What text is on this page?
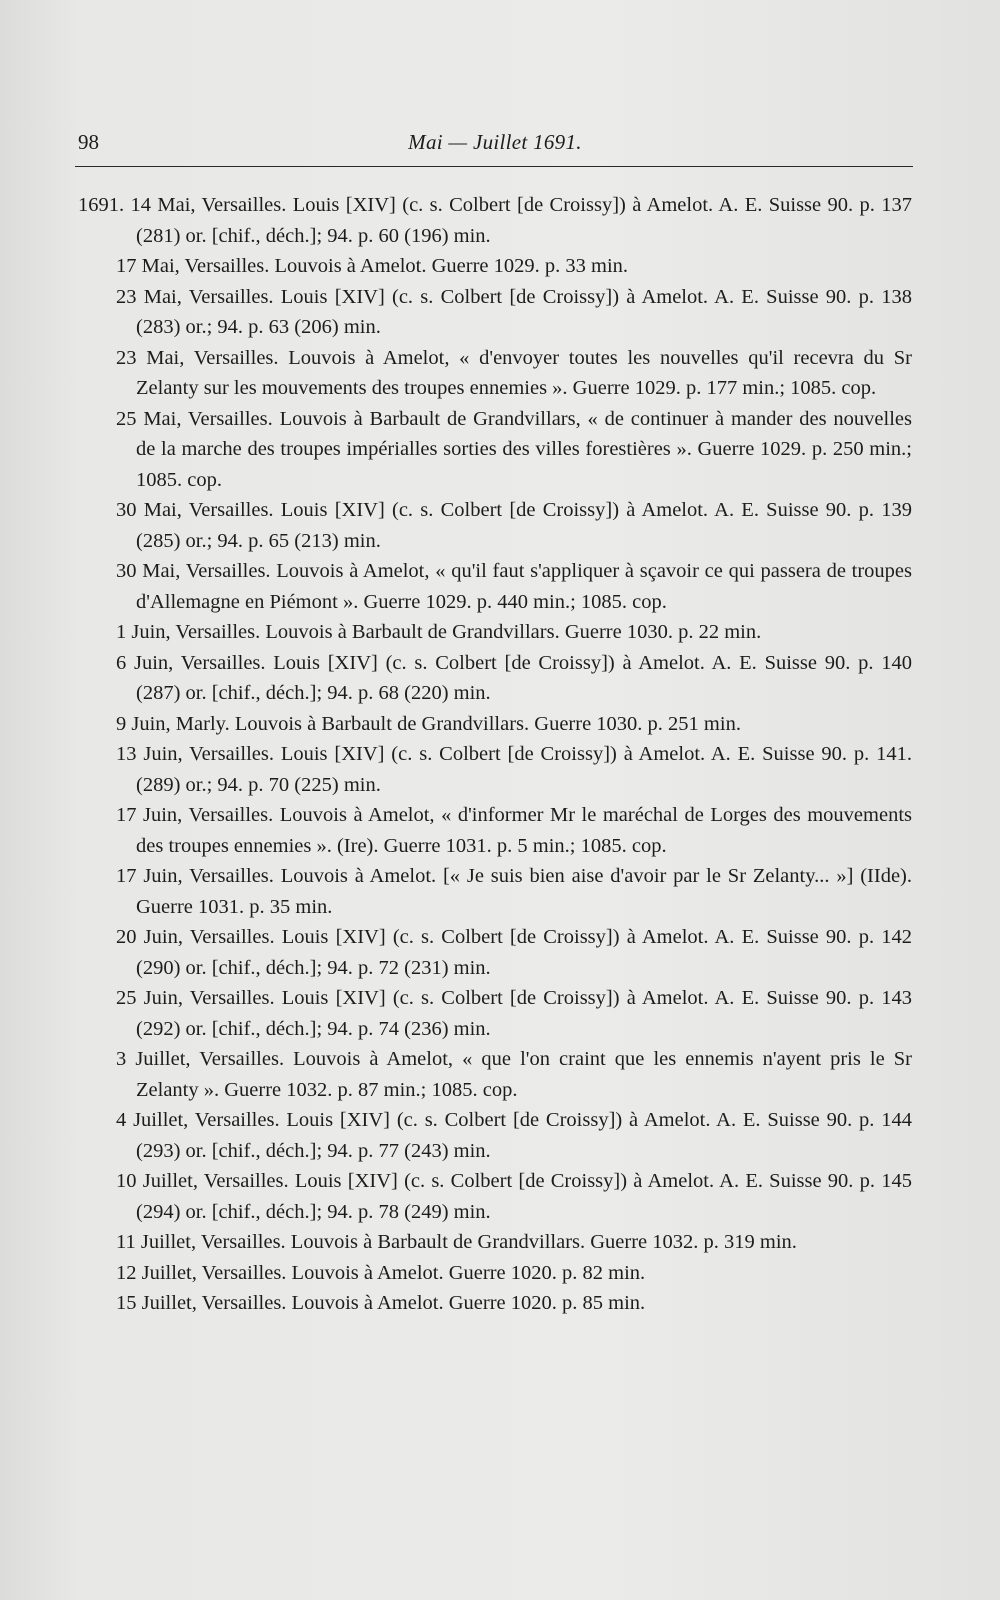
98	Mai — Juillet 1691.
1691. 14 Mai, Versailles. Louis [XIV] (c. s. Colbert [de Croissy]) à Amelot. A. E. Suisse 90. p. 137 (281) or. [chif., déch.]; 94. p. 60 (196) min.
17 Mai, Versailles. Louvois à Amelot. Guerre 1029. p. 33 min.
23 Mai, Versailles. Louis [XIV] (c. s. Colbert [de Croissy]) à Amelot. A. E. Suisse 90. p. 138 (283) or.; 94. p. 63 (206) min.
23 Mai, Versailles. Louvois à Amelot, « d'envoyer toutes les nouvelles qu'il recevra du Sr Zelanty sur les mouvements des troupes ennemies ». Guerre 1029. p. 177 min.; 1085. cop.
25 Mai, Versailles. Louvois à Barbault de Grandvillars, « de continuer à mander des nouvelles de la marche des troupes impérialles sorties des villes forestières ». Guerre 1029. p. 250 min.; 1085. cop.
30 Mai, Versailles. Louis [XIV] (c. s. Colbert [de Croissy]) à Amelot. A. E. Suisse 90. p. 139 (285) or.; 94. p. 65 (213) min.
30 Mai, Versailles. Louvois à Amelot, « qu'il faut s'appliquer à sçavoir ce qui passera de troupes d'Allemagne en Piémont ». Guerre 1029. p. 440 min.; 1085. cop.
1 Juin, Versailles. Louvois à Barbault de Grandvillars. Guerre 1030. p. 22 min.
6 Juin, Versailles. Louis [XIV] (c. s. Colbert [de Croissy]) à Amelot. A. E. Suisse 90. p. 140 (287) or. [chif., déch.]; 94. p. 68 (220) min.
9 Juin, Marly. Louvois à Barbault de Grandvillars. Guerre 1030. p. 251 min.
13 Juin, Versailles. Louis [XIV] (c. s. Colbert [de Croissy]) à Amelot. A. E. Suisse 90. p. 141. (289) or.; 94. p. 70 (225) min.
17 Juin, Versailles. Louvois à Amelot, « d'informer Mr le maréchal de Lorges des mouvements des troupes ennemies ». (Ire). Guerre 1031. p. 5 min.; 1085. cop.
17 Juin, Versailles. Louvois à Amelot. [« Je suis bien aise d'avoir par le Sr Zelanty... »] (IIde). Guerre 1031. p. 35 min.
20 Juin, Versailles. Louis [XIV] (c. s. Colbert [de Croissy]) à Amelot. A. E. Suisse 90. p. 142 (290) or. [chif., déch.]; 94. p. 72 (231) min.
25 Juin, Versailles. Louis [XIV] (c. s. Colbert [de Croissy]) à Amelot. A. E. Suisse 90. p. 143 (292) or. [chif., déch.]; 94. p. 74 (236) min.
3 Juillet, Versailles. Louvois à Amelot, « que l'on craint que les ennemis n'ayent pris le Sr Zelanty ». Guerre 1032. p. 87 min.; 1085. cop.
4 Juillet, Versailles. Louis [XIV] (c. s. Colbert [de Croissy]) à Amelot. A. E. Suisse 90. p. 144 (293) or. [chif., déch.]; 94. p. 77 (243) min.
10 Juillet, Versailles. Louis [XIV] (c. s. Colbert [de Croissy]) à Amelot. A. E. Suisse 90. p. 145 (294) or. [chif., déch.]; 94. p. 78 (249) min.
11 Juillet, Versailles. Louvois à Barbault de Grandvillars. Guerre 1032. p. 319 min.
12 Juillet, Versailles. Louvois à Amelot. Guerre 1020. p. 82 min.
15 Juillet, Versailles. Louvois à Amelot. Guerre 1020. p. 85 min.
